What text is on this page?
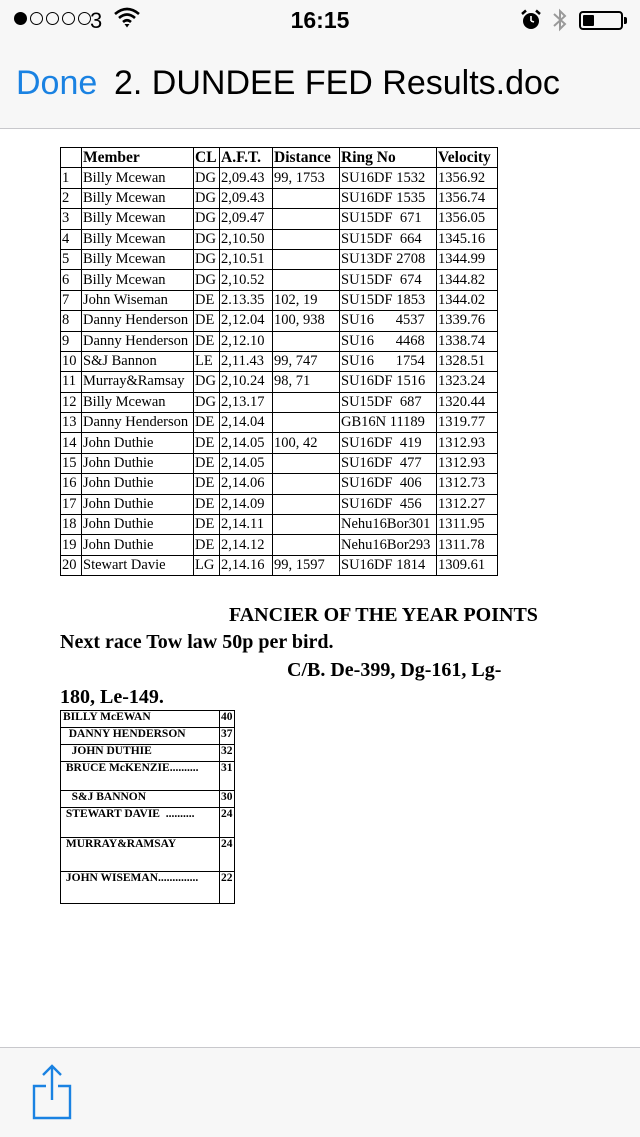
3	16:15
Done 2. DUNDEE FED Results.doc
	Member	CL	A.F.T.	Distance	Ring No	Velocity
1	Billy Mcewan	DG	2,09.43	99, 1753	SU16DF 1532	1356.92
2	Billy Mcewan	DG	2,09.43		SU16DF 1535	1356.74
3	Billy Mcewan	DG	2,09.47		SU15DF  671	1356.05
4	Billy Mcewan	DG	2,10.50		SU15DF  664	1345.16
5	Billy Mcewan	DG	2,10.51		SU13DF 2708	1344.99
6	Billy Mcewan	DG	2,10.52		SU15DF  674	1344.82
7	John Wiseman	DE	2.13.35	102, 19	SU15DF 1853	1344.02
8	Danny Henderson	DE	2,12.04	100, 938	SU16      4537	1339.76
9	Danny Henderson	DE	2,12.10		SU16      4468	1338.74
10	S&J Bannon	LE	2,11.43	99, 747	SU16      1754	1328.51
11	Murray&Ramsay	DG	2,10.24	98, 71	SU16DF 1516	1323.24
12	Billy Mcewan	DG	2,13.17		SU15DF  687	1320.44
13	Danny Henderson	DE	2,14.04		GB16N 11189	1319.77
14	John Duthie	DE	2,14.05	100, 42	SU16DF  419	1312.93
15	John Duthie	DE	2,14.05		SU16DF  477	1312.93
16	John Duthie	DE	2,14.06		SU16DF  406	1312.73
17	John Duthie	DE	2,14.09		SU16DF  456	1312.27
18	John Duthie	DE	2,14.11		Nehu16Bor301	1311.95
19	John Duthie	DE	2,14.12		Nehu16Bor293	1311.78
20	Stewart Davie	LG	2,14.16	99, 1597	SU16DF 1814	1309.61
FANCIER OF THE YEAR POINTS
Next race Tow law 50p per bird.
C/B. De-399, Dg-161, Lg-
180, Le-149.
BILLY McEWAN	40
DANNY HENDERSON	37
JOHN DUTHIE	32
BRUCE McKENZIE..........	31
S&J BANNON	30
STEWART DAVIE  ..........	24
MURRAY&RAMSAY	24
JOHN WISEMAN..............	22
